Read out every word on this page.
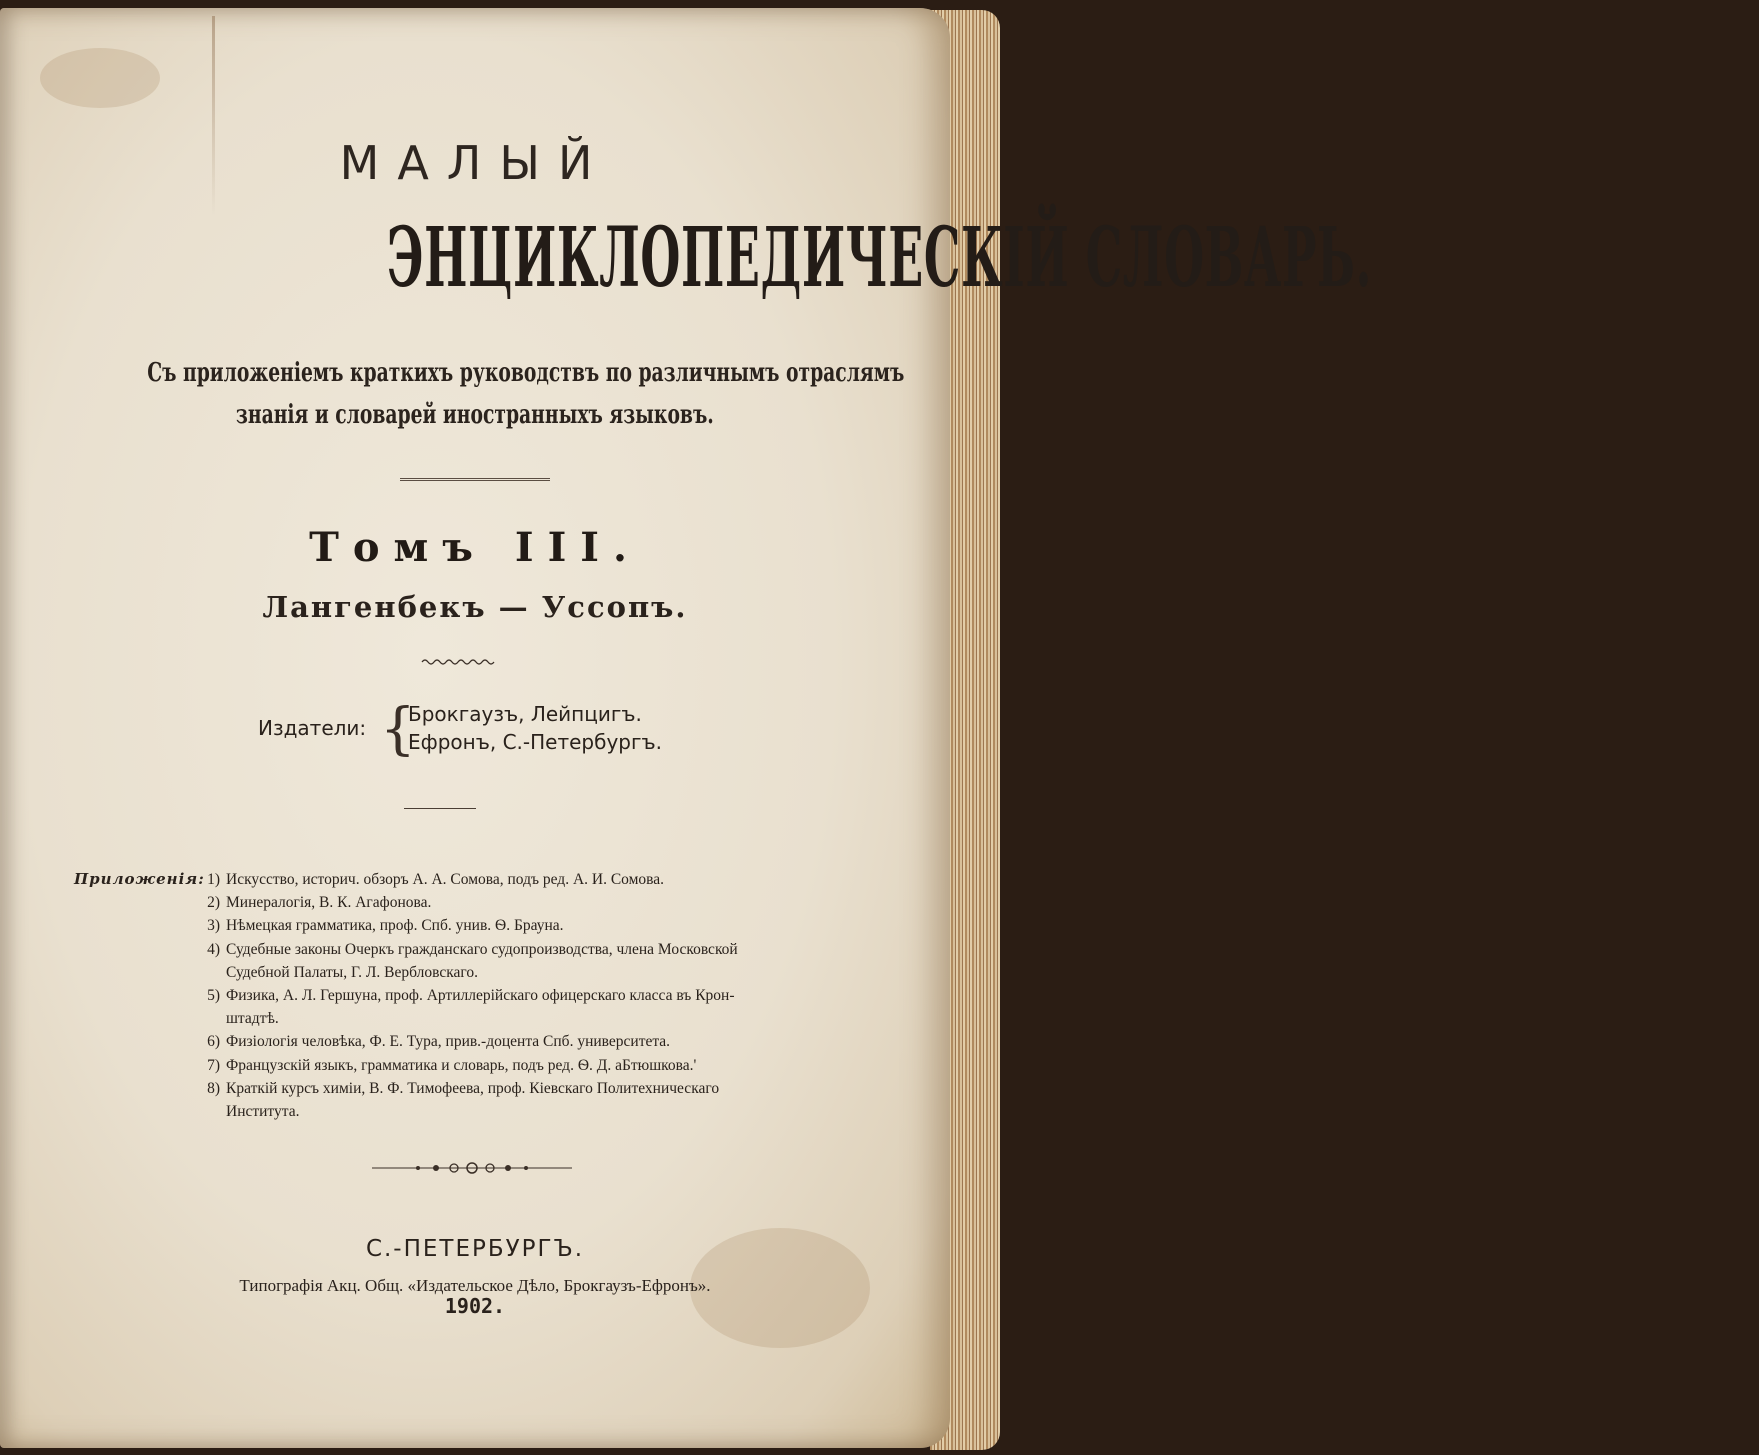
МАЛЫЙ
ЭНЦИКЛОПЕДИЧЕСКІЙ СЛОВАРЬ.
Съ приложеніемъ краткихъ руководствъ по различнымъ отраслямъ
знанія и словарей иностранныхъ языковъ.
Томъ III.
Лангенбекъ — Уссопъ.
Издатели: {
Брокгаузъ, Лейпцигъ.
Ефронъ, С.-Петербургъ.
Приложенія: 1) Искусство, историч. обзоръ А. А. Сомова, подъ ред. А. И. Сомова.
2) Минералогія, В. К. Агафонова.
3) Нѣмецкая грамматика, проф. Спб. унив. Ѳ. Брауна.
4) Судебные законы Очеркъ гражданскаго судопроизводства, члена Московской
Судебной Палаты, Г. Л. Вербловскаго.
5) Физика, А. Л. Гершуна, проф. Артиллерійскаго офицерскаго класса въ Крон-
штадтѣ.
6) Физіологія человѣка, Ф. Е. Тура, прив.-доцента Спб. университета.
7) Французскій языкъ, грамматика и словарь, подъ ред. Ѳ. Д. аБтюшкова.'
8) Краткій курсъ химіи, В. Ф. Тимофеева, проф. Кіевскаго Политехническаго
Института.
С.-ПЕТЕРБУРГЪ.
Типографія Акц. Общ. «Издательское Дѣло, Брокгаузъ-Ефронъ».
1902.
